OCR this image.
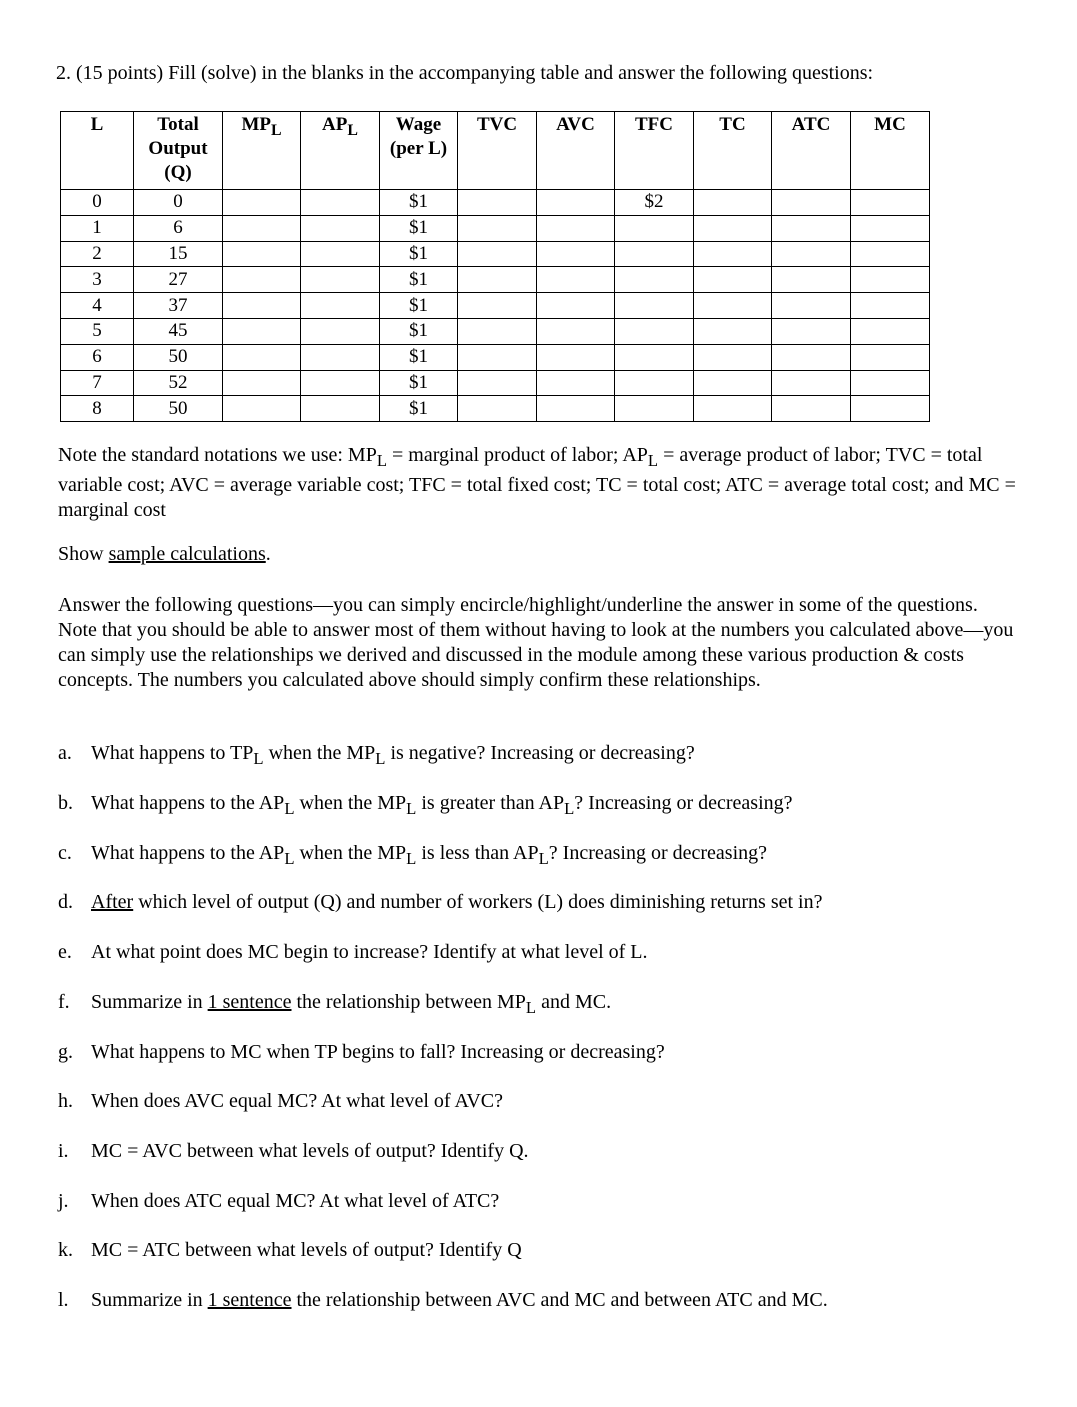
2. (15 points) Fill (solve) in the blanks in the accompanying table and answer the following questions:
L	Total Output (Q)	$MP_L$	$AP_L$	Wage (per L)	TVC	AVC	TFC	TC	ATC	MC
0	0			$1			$2			
1	6			$1						
2	15			$1						
3	27			$1						
4	37			$1						
5	45			$1						
6	50			$1						
7	52			$1						
8	50			$1						
Note the standard notations we use: $MP_L$ = marginal product of labor; $AP_L$ = average product of labor; TVC = total variable cost; AVC = average variable cost; TFC = total fixed cost; TC = total cost; ATC = average total cost; and MC = marginal cost
Show sample calculations.
Answer the following questions—you can simply encircle/highlight/underline the answer in some of the questions. Note that you should be able to answer most of them without having to look at the numbers you calculated above—you can simply use the relationships we derived and discussed in the module among these various production & costs concepts. The numbers you calculated above should simply confirm these relationships.
a. What happens to $TP_L$ when the $MP_L$ is negative? Increasing or decreasing?
b. What happens to the $AP_L$ when the $MP_L$ is greater than $AP_L$? Increasing or decreasing?
c. What happens to the $AP_L$ when the $MP_L$ is less than $AP_L$? Increasing or decreasing?
d. After which level of output (Q) and number of workers (L) does diminishing returns set in?
e. At what point does MC begin to increase? Identify at what level of L.
f. Summarize in 1 sentence the relationship between $MP_L$ and MC.
g. What happens to MC when TP begins to fall? Increasing or decreasing?
h. When does AVC equal MC? At what level of AVC?
i. MC = AVC between what levels of output? Identify Q.
j. When does ATC equal MC? At what level of ATC?
k. MC = ATC between what levels of output? Identify Q
l. Summarize in 1 sentence the relationship between AVC and MC and between ATC and MC.
